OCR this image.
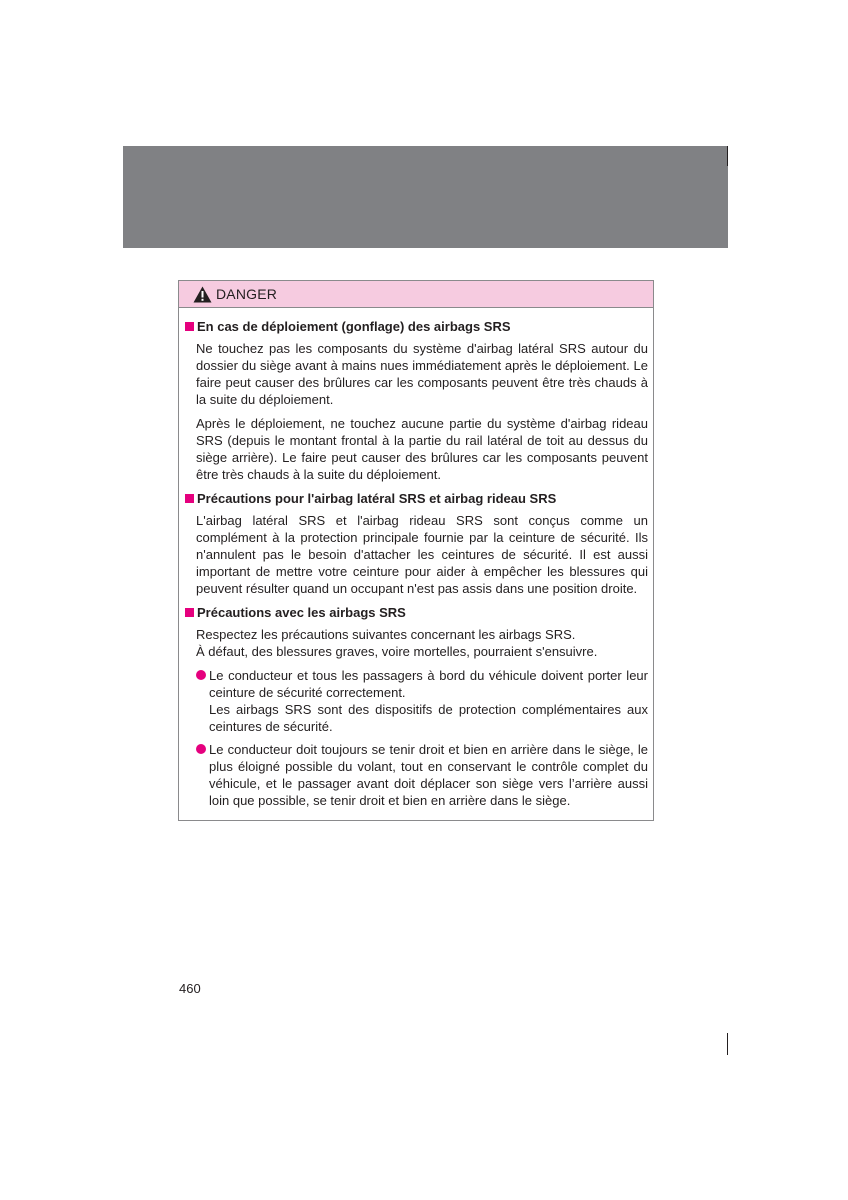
DANGER
En cas de déploiement (gonflage) des airbags SRS
Ne touchez pas les composants du système d'airbag latéral SRS autour du dossier du siège avant à mains nues immédiatement après le déploiement. Le faire peut causer des brûlures car les composants peuvent être très chauds à la suite du déploiement.
Après le déploiement, ne touchez aucune partie du système d'airbag rideau SRS (depuis le montant frontal à la partie du rail latéral de toit au dessus du siège arrière). Le faire peut causer des brûlures car les composants peuvent être très chauds à la suite du déploiement.
Précautions pour l'airbag latéral SRS et airbag rideau SRS
L'airbag latéral SRS et l'airbag rideau SRS sont conçus comme un complément à la protection principale fournie par la ceinture de sécurité. Ils n'annulent pas le besoin d'attacher les ceintures de sécurité. Il est aussi important de mettre votre ceinture pour aider à empêcher les blessures qui peuvent résulter quand un occupant n'est pas assis dans une position droite.
Précautions avec les airbags SRS
Respectez les précautions suivantes concernant les airbags SRS.
À défaut, des blessures graves, voire mortelles, pourraient s'ensuivre.
Le conducteur et tous les passagers à bord du véhicule doivent porter leur ceinture de sécurité correctement.
Les airbags SRS sont des dispositifs de protection complémentaires aux ceintures de sécurité.
Le conducteur doit toujours se tenir droit et bien en arrière dans le siège, le plus éloigné possible du volant, tout en conservant le contrôle complet du véhicule, et le passager avant doit déplacer son siège vers l’arrière aussi loin que possible, se tenir droit et bien en arrière dans le siège.
460
